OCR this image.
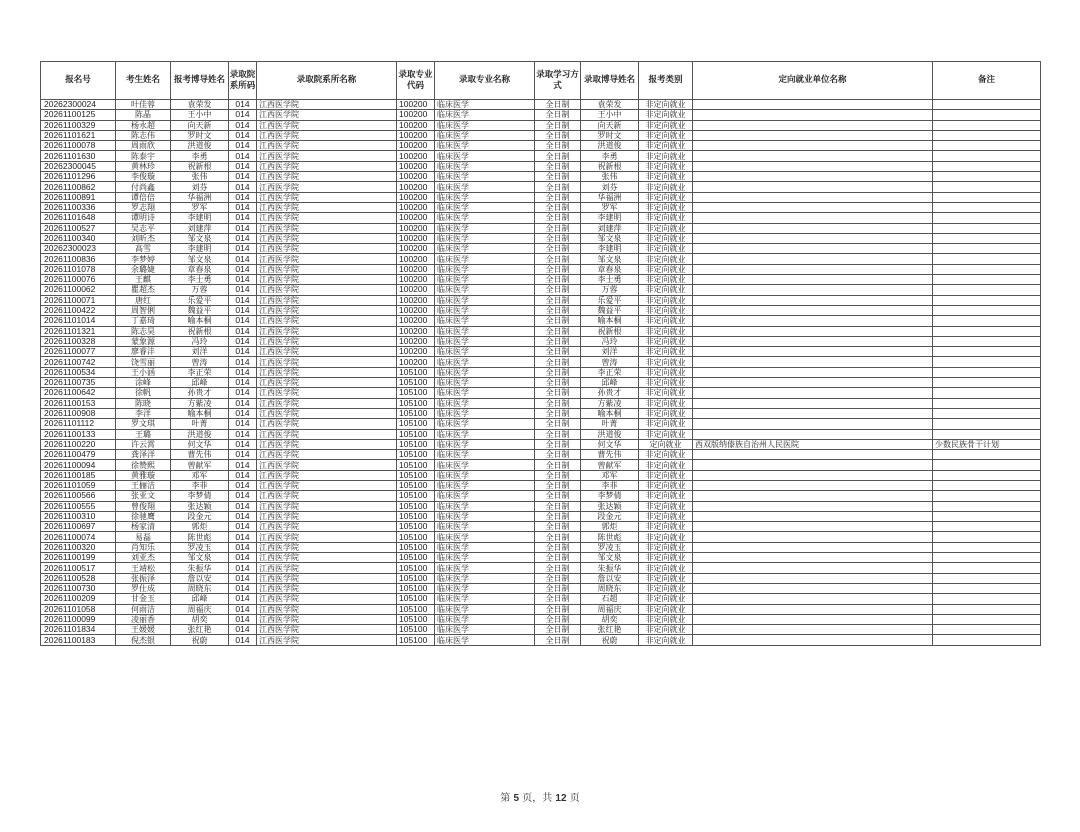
报名号	考生姓名	报考博导姓名	录取院系所码	录取院系所名称	录取专业代码	录取专业名称	录取学习方式	录取博导姓名	报考类别	定向就业单位名称	备注
20262300024	叶佳蓉	袁荣发	014	江西医学院	100200	临床医学	全日制	袁荣发	非定向就业		
20261100125	陈晶	王小中	014	江西医学院	100200	临床医学	全日制	王小中	非定向就业		
20261100329	杨永超	向天新	014	江西医学院	100200	临床医学	全日制	向天新	非定向就业		
20261101621	陈志伟	罗时文	014	江西医学院	100200	临床医学	全日制	罗时文	非定向就业		
20261100078	周雨欣	洪道俊	014	江西医学院	100200	临床医学	全日制	洪道俊	非定向就业		
20261101630	陈泰宇	李勇	014	江西医学院	100200	临床医学	全日制	李勇	非定向就业		
20262300045	黄林珍	祝新根	014	江西医学院	100200	临床医学	全日制	祝新根	非定向就业		
20261101296	李俊璇	张伟	014	江西医学院	100200	临床医学	全日制	张伟	非定向就业		
20261100862	付尚鑫	刘芬	014	江西医学院	100200	临床医学	全日制	刘芬	非定向就业		
20261100891	谭倍倍	华福洲	014	江西医学院	100200	临床医学	全日制	华福洲	非定向就业		
20261100336	罗志翔	罗军	014	江西医学院	100200	临床医学	全日制	罗军	非定向就业		
20261101648	谭明诗	李建明	014	江西医学院	100200	临床医学	全日制	李建明	非定向就业		
20261100527	吴志平	刘建萍	014	江西医学院	100200	临床医学	全日制	刘建萍	非定向就业		
20261100340	刘昕杰	邹文泉	014	江西医学院	100200	临床医学	全日制	邹文泉	非定向就业		
20262300023	高雪	李建明	014	江西医学院	100200	临床医学	全日制	李建明	非定向就业		
20261100836	李梦婷	邹文泉	014	江西医学院	100200	临床医学	全日制	邹文泉	非定向就业		
20261101078	余璐婕	章春泉	014	江西医学院	100200	临床医学	全日制	章春泉	非定向就业		
20261100076	王麒	李士勇	014	江西医学院	100200	临床医学	全日制	李士勇	非定向就业		
20261100062	瞿超杰	万蓉	014	江西医学院	100200	临床医学	全日制	万蓉	非定向就业		
20261100071	唐红	乐爱平	014	江西医学院	100200	临床医学	全日制	乐爱平	非定向就业		
20261100422	周智俐	魏益平	014	江西医学院	100200	临床医学	全日制	魏益平	非定向就业		
20261101014	丁嘉琦	喻本桐	014	江西医学院	100200	临床医学	全日制	喻本桐	非定向就业		
20261101321	陈志昊	祝新根	014	江西医学院	100200	临床医学	全日制	祝新根	非定向就业		
20261100328	蒙象源	冯玲	014	江西医学院	100200	临床医学	全日制	冯玲	非定向就业		
20261100077	廖睿沣	刘洋	014	江西医学院	100200	临床医学	全日制	刘洋	非定向就业		
20261100742	饶雪丽	曾涛	014	江西医学院	100200	临床医学	全日制	曾涛	非定向就业		
20261100534	王小涵	李正荣	014	江西医学院	105100	临床医学	全日制	李正荣	非定向就业		
20261100735	涂峰	邱峰	014	江西医学院	105100	临床医学	全日制	邱峰	非定向就业		
20261100642	徐帆	孙贵才	014	江西医学院	105100	临床医学	全日制	孙贵才	非定向就业		
20261100153	陈晓	方紫凌	014	江西医学院	105100	临床医学	全日制	方紫凌	非定向就业		
20261100908	李洋	喻本桐	014	江西医学院	105100	临床医学	全日制	喻本桐	非定向就业		
20261101112	罗文琪	叶菁	014	江西医学院	105100	临床医学	全日制	叶菁	非定向就业		
20261100133	王璐	洪道俊	014	江西医学院	105100	临床医学	全日制	洪道俊	非定向就业		
20261100220	许云霄	何文华	014	江西医学院	105100	临床医学	全日制	何文华	定向就业	西双版纳傣族自治州人民医院	少数民族骨干计划
20261100479	龚泽洋	曹先伟	014	江西医学院	105100	临床医学	全日制	曹先伟	非定向就业		
20261100094	徐赞熙	曾献军	014	江西医学院	105100	临床医学	全日制	曾献军	非定向就业		
20261100185	黄雅璇	邓军	014	江西医学院	105100	临床医学	全日制	邓军	非定向就业		
20261101059	王俪洁	李菲	014	江西医学院	105100	临床医学	全日制	李菲	非定向就业		
20261100566	张亚文	李梦倩	014	江西医学院	105100	临床医学	全日制	李梦倩	非定向就业		
20261100555	曾俊翔	张达颖	014	江西医学院	105100	临床医学	全日制	张达颖	非定向就业		
20261100310	徐驰鹰	段金元	014	江西医学院	105100	临床医学	全日制	段金元	非定向就业		
20261100697	杨家清	郭炬	014	江西医学院	105100	临床医学	全日制	郭炬	非定向就业		
20261100074	易磊	陈世彪	014	江西医学院	105100	临床医学	全日制	陈世彪	非定向就业		
20261100320	肖知乐	罗凌玉	014	江西医学院	105100	临床医学	全日制	罗凌玉	非定向就业		
20261100199	刘亚杰	邹文泉	014	江西医学院	105100	临床医学	全日制	邹文泉	非定向就业		
20261100517	王靖松	朱振华	014	江西医学院	105100	临床医学	全日制	朱振华	非定向就业		
20261100528	张振泽	詹以安	014	江西医学院	105100	临床医学	全日制	詹以安	非定向就业		
20261100730	罗仕成	周晓东	014	江西医学院	105100	临床医学	全日制	周晓东	非定向就业		
20261100209	甘金玉	邱峰	014	江西医学院	105100	临床医学	全日制	石超	非定向就业		
20261101058	何雨洁	周福庆	014	江西医学院	105100	临床医学	全日制	周福庆	非定向就业		
20261100099	凌丽香	胡奕	014	江西医学院	105100	临床医学	全日制	胡奕	非定向就业		
20261101834	王媛媛	张红艳	014	江西医学院	105100	临床医学	全日制	张红艳	非定向就业		
20261100183	倪杰银	祝蔚	014	江西医学院	105100	临床医学	全日制	祝蔚	非定向就业		
第 5 页，共 12 页
